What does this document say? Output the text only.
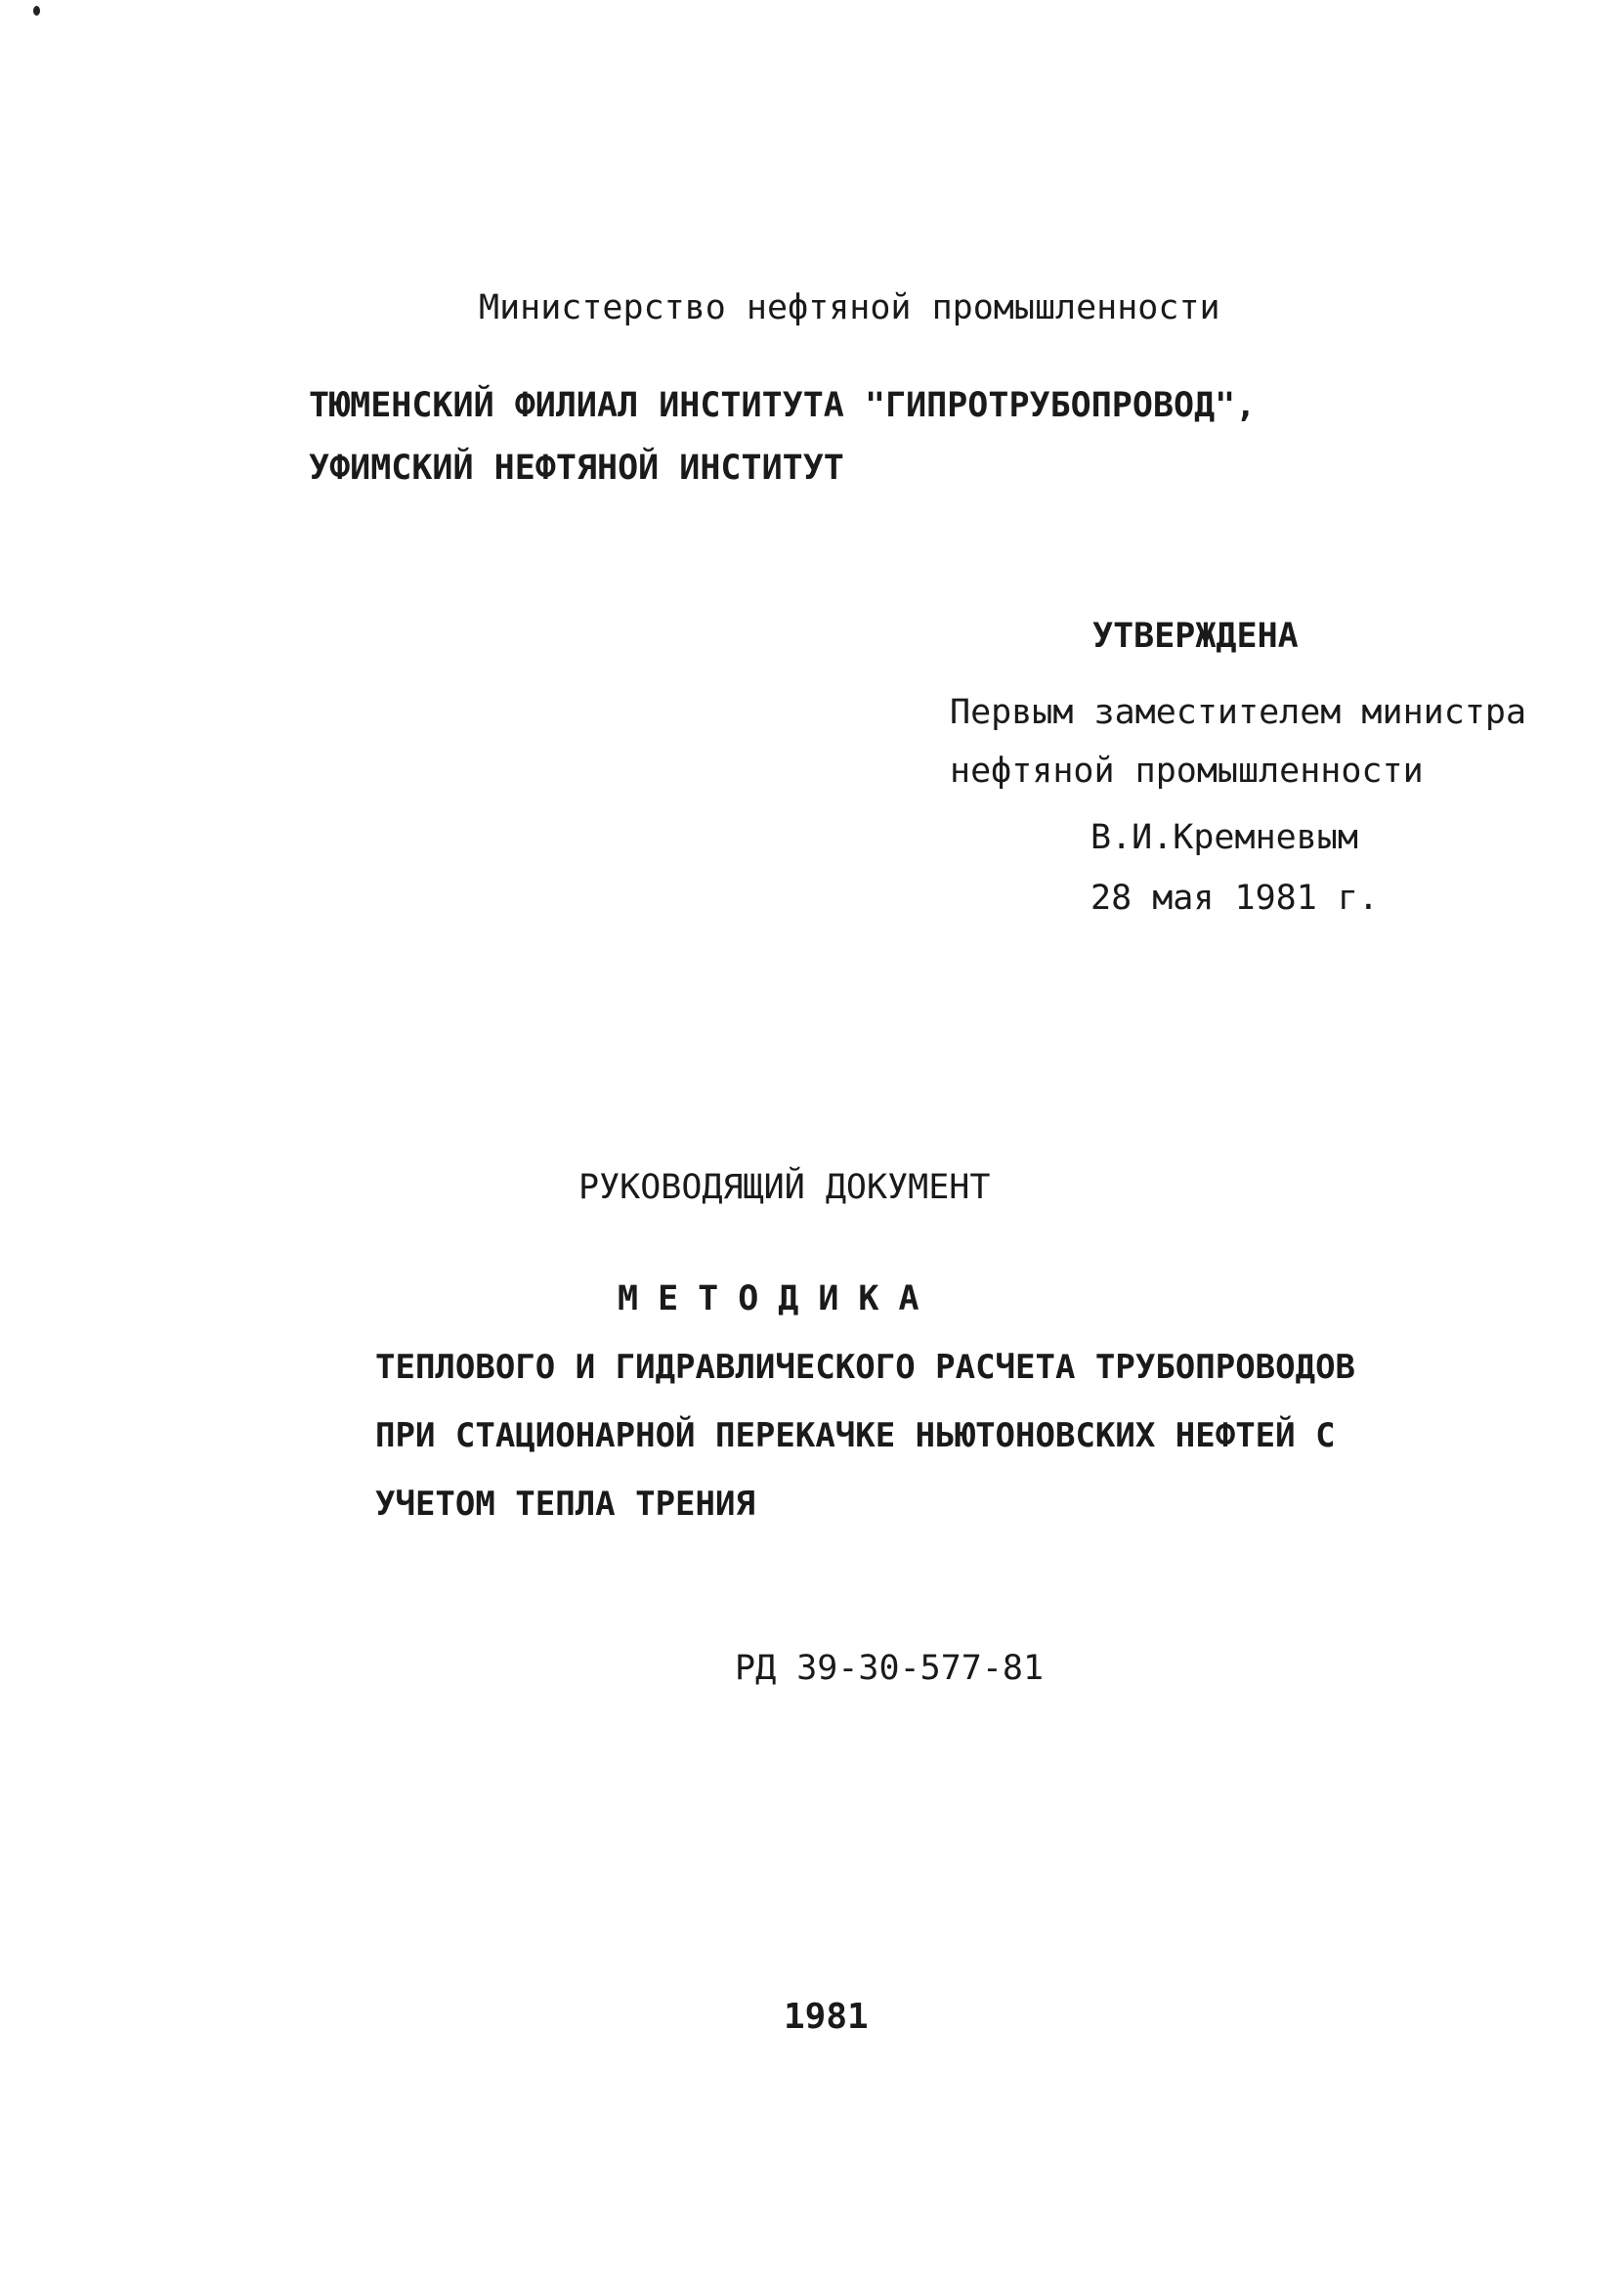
Министерство нефтяной промышленности
ТЮМЕНСКИЙ ФИЛИАЛ ИНСТИТУТА "ГИПРОТРУБОПРОВОД",
УФИМСКИЙ НЕФТЯНОЙ ИНСТИТУТ
УТВЕРЖДЕНА
Первым заместителем министра
нефтяной промышленности
В.И.Кремневым
28 мая 1981 г.
РУКОВОДЯЩИЙ ДОКУМЕНТ
МЕТОДИКА
ТЕПЛОВОГО И ГИДРАВЛИЧЕСКОГО РАСЧЕТА ТРУБОПРОВОДОВ
ПРИ СТАЦИОНАРНОЙ ПЕРЕКАЧКЕ НЬЮТОНОВСКИХ НЕФТЕЙ С
УЧЕТОМ ТЕПЛА ТРЕНИЯ
РД 39-30-577-81
1981
